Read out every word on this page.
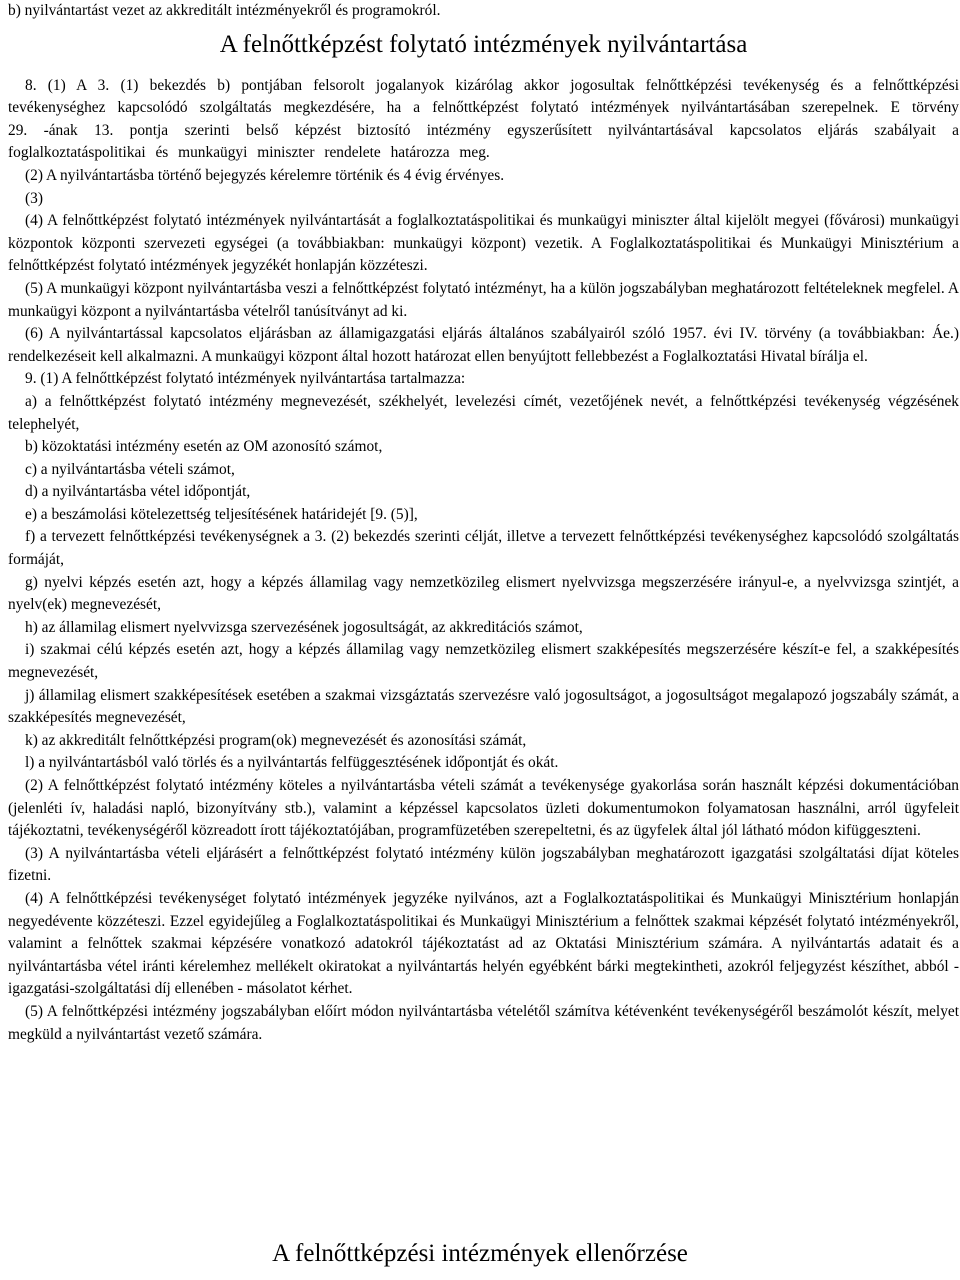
b) nyilvántartást vezet az akkreditált intézményekről és programokról.

A felnőttképzést folytató intézmények nyilvántartása

8. (1) A 3. (1) bekezdés b) pontjában felsorolt jogalanyok kizárólag akkor jogosultak felnőttképzési tevékenység és a felnőttképzési tevékenységhez kapcsolódó szolgáltatás megkezdésére, ha a felnőttképzést folytató intézmények nyilvántartásában szerepelnek. E törvény 29. -ának 13. pontja szerinti belső képzést biztosító intézmény egyszerűsített nyilvántartásával kapcsolatos eljárás szabályait a foglalkoztatáspolitikai és munkaügyi miniszter rendelete határozza meg.

(2) A nyilvántartásba történő bejegyzés kérelemre történik és 4 évig érvényes.

(3)

(4) A felnőttképzést folytató intézmények nyilvántartását a foglalkoztatáspolitikai és munkaügyi miniszter által kijelölt megyei (fővárosi) munkaügyi központok központi szervezeti egységei (a továbbiakban: munkaügyi központ) vezetik. A Foglalkoztatáspolitikai és Munkaügyi Minisztérium a felnőttképzést folytató intézmények jegyzékét honlapján közzéteszi.

(5) A munkaügyi központ nyilvántartásba veszi a felnőttképzést folytató intézményt, ha a külön jogszabályban meghatározott feltételeknek megfelel. A munkaügyi központ a nyilvántartásba vételről tanúsítványt ad ki.

(6) A nyilvántartással kapcsolatos eljárásban az államigazgatási eljárás általános szabályairól szóló 1957. évi IV. törvény (a továbbiakban: Áe.) rendelkezéseit kell alkalmazni. A munkaügyi központ által hozott határozat ellen benyújtott fellebbezést a Foglalkoztatási Hivatal bírálja el.

9. (1) A felnőttképzést folytató intézmények nyilvántartása tartalmazza:

a) a felnőttképzést folytató intézmény megnevezését, székhelyét, levelezési címét, vezetőjének nevét, a felnőttképzési tevékenység végzésének telephelyét,

b) közoktatási intézmény esetén az OM azonosító számot,

c) a nyilvántartásba vételi számot,

d) a nyilvántartásba vétel időpontját,

e) a beszámolási kötelezettség teljesítésének határidejét [9. (5)],

f) a tervezett felnőttképzési tevékenységnek a 3. (2) bekezdés szerinti célját, illetve a tervezett felnőttképzési tevékenységhez kapcsolódó szolgáltatás formáját,

g) nyelvi képzés esetén azt, hogy a képzés államilag vagy nemzetközileg elismert nyelvvizsga megszerzésére irányul-e, a nyelvvizsga szintjét, a nyelv(ek) megnevezését,

h) az államilag elismert nyelvvizsga szervezésének jogosultságát, az akkreditációs számot,

i) szakmai célú képzés esetén azt, hogy a képzés államilag vagy nemzetközileg elismert szakképesítés megszerzésére készít-e fel, a szakképesítés megnevezését,

j) államilag elismert szakképesítések esetében a szakmai vizsgáztatás szervezésre való jogosultságot, a jogosultságot megalapozó jogszabály számát, a szakképesítés megnevezését,

k) az akkreditált felnőttképzési program(ok) megnevezését és azonosítási számát,

l) a nyilvántartásból való törlés és a nyilvántartás felfüggesztésének időpontját és okát.

(2) A felnőttképzést folytató intézmény köteles a nyilvántartásba vételi számát a tevékenysége gyakorlása során használt képzési dokumentációban (jelenléti ív, haladási napló, bizonyítvány stb.), valamint a képzéssel kapcsolatos üzleti dokumentumokon folyamatosan használni, arról ügyfeleit tájékoztatni, tevékenységéről közreadott írott tájékoztatójában, programfüzetében szerepeltetni, és az ügyfelek által jól látható módon kifüggeszteni.

(3) A nyilvántartásba vételi eljárásért a felnőttképzést folytató intézmény külön jogszabályban meghatározott igazgatási szolgáltatási díjat köteles fizetni.

(4) A felnőttképzési tevékenységet folytató intézmények jegyzéke nyilvános, azt a Foglalkoztatáspolitikai és Munkaügyi Minisztérium honlapján negyedévente közzéteszi. Ezzel egyidejűleg a Foglalkoztatáspolitikai és Munkaügyi Minisztérium a felnőttek szakmai képzését folytató intézményekről, valamint a felnőttek szakmai képzésére vonatkozó adatokról tájékoztatást ad az Oktatási Minisztérium számára. A nyilvántartás adatait és a nyilvántartásba vétel iránti kérelemhez mellékelt okiratokat a nyilvántartás helyén egyébként bárki megtekintheti, azokról feljegyzést készíthet, abból - igazgatási-szolgáltatási díj ellenében - másolatot kérhet.

(5) A felnőttképzési intézmény jogszabályban előírt módon nyilvántartásba vételétől számítva kétévenként tevékenységéről beszámolót készít, melyet megküld a nyilvántartást vezető számára.

A felnőttképzési intézmények ellenőrzése
